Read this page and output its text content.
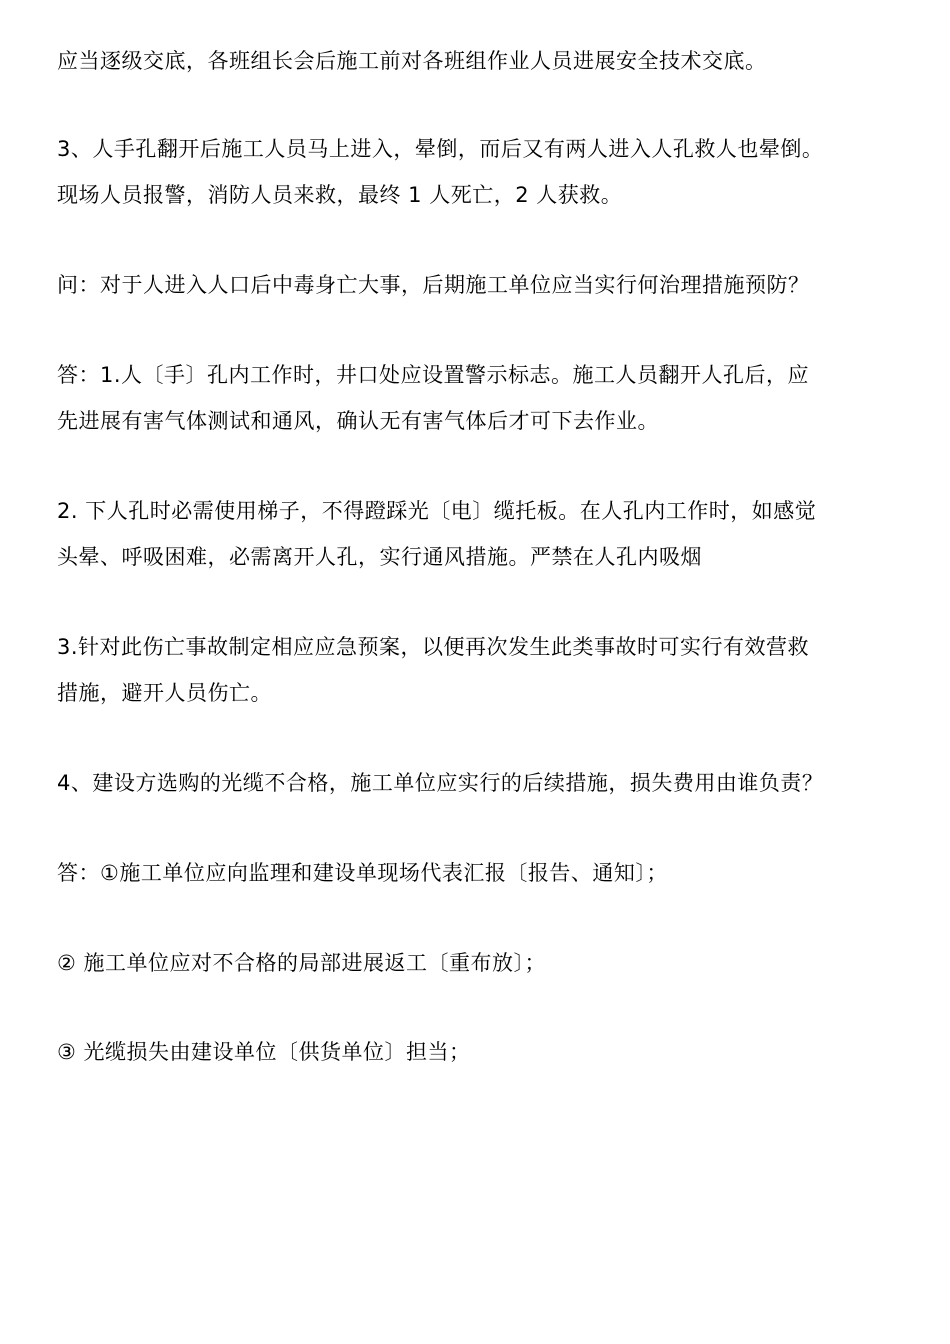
应当逐级交底，各班组长会后施工前对各班组作业人员进展安全技术交底。
3、人手孔翻开后施工人员马上进入，晕倒，而后又有两人进入人孔救人也晕倒。
现场人员报警，消防人员来救，最终 1 人死亡，2 人获救。
问：对于人进入人口后中毒身亡大事，后期施工单位应当实行何治理措施预防？
答：1.人〔手〕孔内工作时，井口处应设置警示标志。施工人员翻开人孔后，应
先进展有害气体测试和通风，确认无有害气体后才可下去作业。
2. 下人孔时必需使用梯子，不得蹬踩光〔电〕缆托板。在人孔内工作时，如感觉
头晕、呼吸困难，必需离开人孔，实行通风措施。严禁在人孔内吸烟
3.针对此伤亡事故制定相应应急预案，以便再次发生此类事故时可实行有效营救
措施，避开人员伤亡。
4、建设方选购的光缆不合格，施工单位应实行的后续措施，损失费用由谁负责？
答：①施工单位应向监理和建设单现场代表汇报〔报告、通知〕；
② 施工单位应对不合格的局部进展返工〔重布放〕；
③ 光缆损失由建设单位〔供货单位〕担当；
